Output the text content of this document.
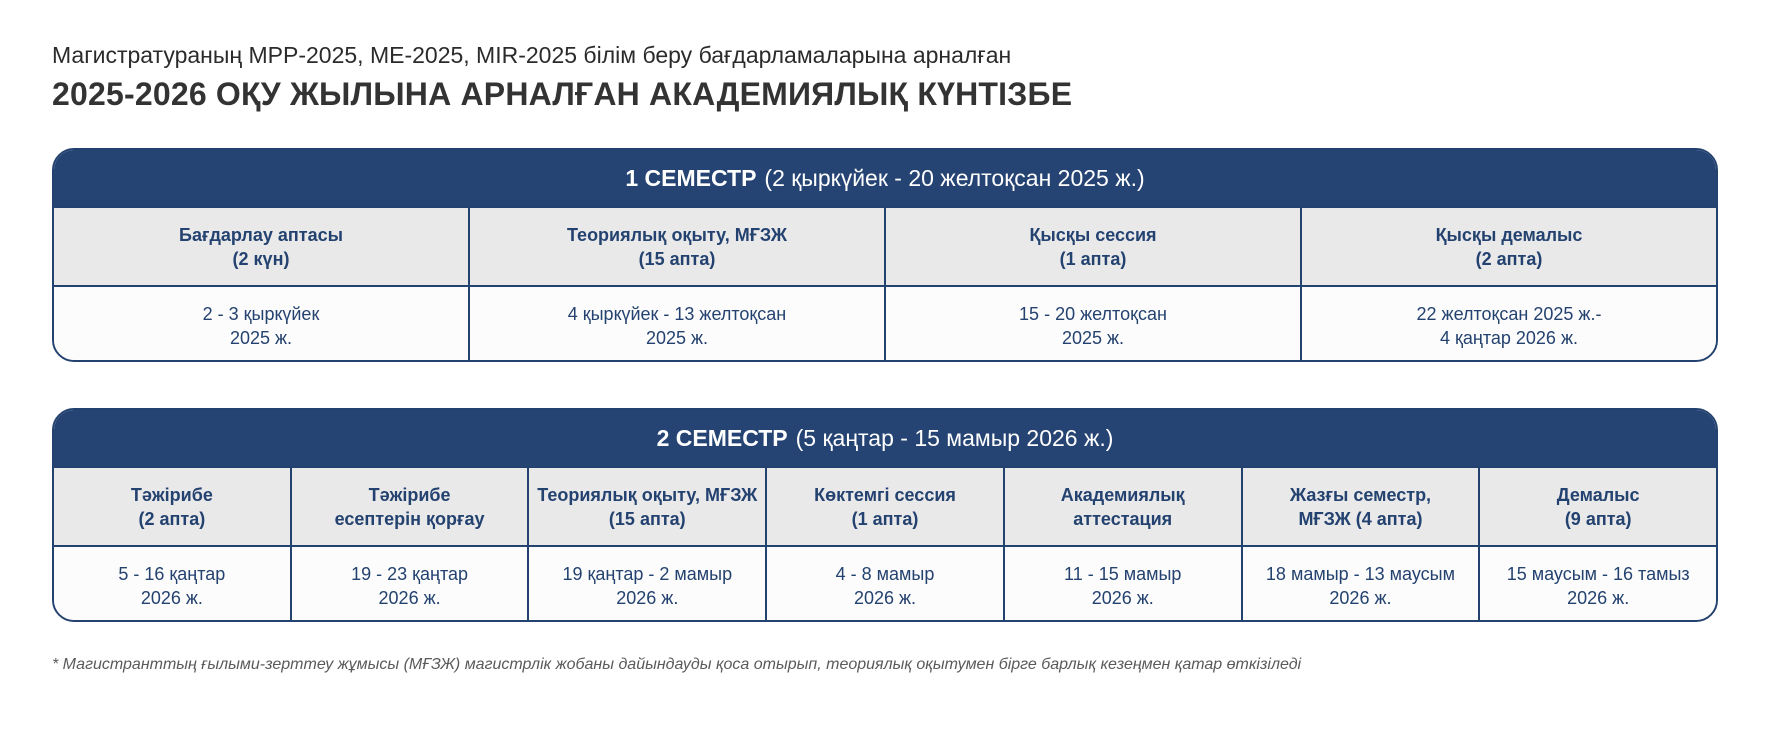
Магистратураның MPP-2025, ME-2025, MIR-2025 білім беру бағдарламаларына арналған
2025-2026 ОҚУ ЖЫЛЫНА АРНАЛҒАН АКАДЕМИЯЛЫҚ КҮНТІЗБЕ
1 СЕМЕСТР (2 қыркүйек - 20 желтоқсан 2025 ж.)
Бағдарлау аптасы
(2 күн)
Теориялық оқыту, МҒЗЖ
(15 апта)
Қысқы сессия
(1 апта)
Қысқы демалыс
(2 апта)
2 - 3 қыркүйек
2025 ж.
4 қыркүйек - 13 желтоқсан
2025 ж.
15 - 20 желтоқсан
2025 ж.
22 желтоқсан 2025 ж.-
4 қаңтар 2026 ж.
2 СЕМЕСТР (5 қаңтар - 15 мамыр 2026 ж.)
Тәжірибе
(2 апта)
Тәжірибе
есептерін қорғау
Теориялық оқыту, МҒЗЖ
(15 апта)
Көктемгі сессия
(1 апта)
Академиялық
аттестация
Жазғы семестр,
МҒЗЖ (4 апта)
Демалыс
(9 апта)
5 - 16 қаңтар
2026 ж.
19 - 23 қаңтар
2026 ж.
19 қаңтар - 2 мамыр
2026 ж.
4 - 8 мамыр
2026 ж.
11 - 15 мамыр
2026 ж.
18 мамыр - 13 маусым
2026 ж.
15 маусым - 16 тамыз
2026 ж.
* Магистранттың ғылыми-зерттеу жұмысы (МҒЗЖ) магистрлік жобаны дайындауды қоса отырып, теориялық оқытумен бірге барлық кезеңмен қатар өткізіледі
